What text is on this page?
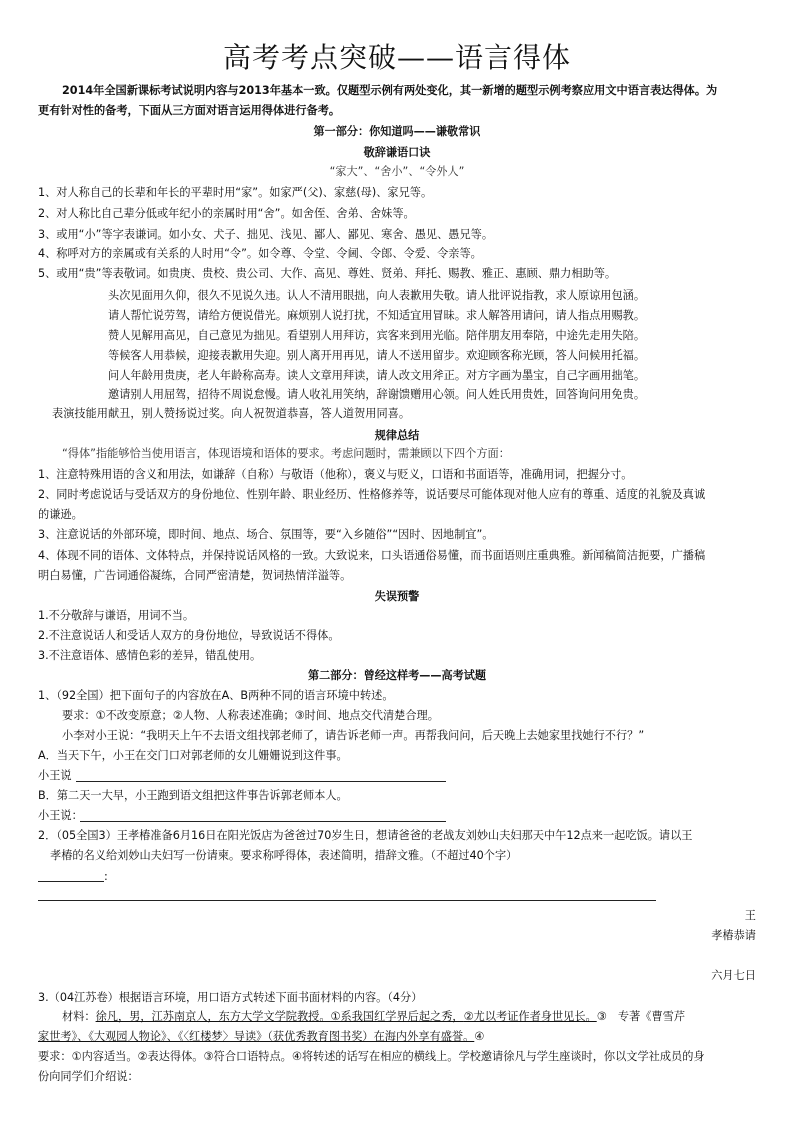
高考考点突破——语言得体
2014年全国新课标考试说明内容与2013年基本一致。仅题型示例有两处变化，其一新增的题型示例考察应用文中语言表达得体。为
更有针对性的备考，下面从三方面对语言运用得体进行备考。
第一部分：你知道吗——谦敬常识
敬辞谦语口诀
“家大”、“舍小”、“令外人”
1、对人称自己的长辈和年长的平辈时用“家”。如家严(父)、家慈(母)、家兄等。
2、对人称比自己辈分低或年纪小的亲属时用“舍”。如舍侄、舍弟、舍妹等。
3、或用“小”等字表谦词。如小女、犬子、拙见、浅见、鄙人、鄙见、寒舍、愚见、愚兄等。
4、称呼对方的亲属或有关系的人时用“令”。如令尊、令堂、令阃、令郎、令爱、令亲等。
5、或用“贵”等表敬词。如贵庚、贵校、贵公司、大作、高见、尊姓、贤弟、拜托、赐教、雅正、惠顾、鼎力相助等。
头次见面用久仰，很久不见说久违。认人不清用眼拙，向人表歉用失敬。请人批评说指教，求人原谅用包涵。
请人帮忙说劳驾，请给方便说借光。麻烦别人说打扰，不知适宜用冒昧。求人解答用请问，请人指点用赐教。
赞人见解用高见，自己意见为拙见。看望别人用拜访，宾客来到用光临。陪伴朋友用奉陪，中途先走用失陪。
等候客人用恭候，迎接表歉用失迎。别人离开用再见，请人不送用留步。欢迎顾客称光顾，答人问候用托福。
问人年龄用贵庚，老人年龄称高寿。读人文章用拜读，请人改文用斧正。对方字画为墨宝，自己字画用拙笔。
邀请别人用屈驾，招待不周说怠慢。请人收礼用笑纳，辞谢馈赠用心领。问人姓氏用贵姓，回答询问用免贵。
表演技能用献丑，别人赞扬说过奖。向人祝贺道恭喜，答人道贺用同喜。
规律总结
“得体”指能够恰当使用语言，体现语境和语体的要求。考虑问题时，需兼顾以下四个方面：
1、注意特殊用语的含义和用法，如谦辞（自称）与敬语（他称），褒义与贬义，口语和书面语等，准确用词，把握分寸。
2、同时考虑说话与受话双方的身份地位、性别年龄、职业经历、性格修养等，说话要尽可能体现对他人应有的尊重、适度的礼貌及真诚
的谦逊。
3、注意说话的外部环境，即时间、地点、场合、氛围等，要“入乡随俗”“因时、因地制宜”。
4、体现不同的语体、文体特点，并保持说话风格的一致。大致说来，口头语通俗易懂，而书面语则庄重典雅。新闻稿简洁扼要，广播稿
明白易懂，广告词通俗凝练，合同严密清楚，贺词热情洋溢等。
失误预警
1.不分敬辞与谦语，用词不当。
2.不注意说话人和受话人双方的身份地位，导致说话不得体。
3.不注意语体、感情色彩的差异，错乱使用。
第二部分：曾经这样考——高考试题
1、（92全国）把下面句子的内容放在A、B两种不同的语言环境中转述。
要求：①不改变原意；②人物、人称表述准确；③时间、地点交代清楚合理。
小李对小王说：“我明天上午不去语文组找郭老师了，请告诉老师一声。再帮我问问，后天晚上去她家里找她行不行？”
A．当天下午，小王在交门口对郭老师的女儿姗姗说到这件事。
小王说
B．第二天一大早，小王跑到语文组把这件事告诉郭老师本人。
小王说：
2．（05全国3）王孝椿准备6月16日在阳光饭店为爸爸过70岁生日，想请爸爸的老战友刘妙山夫妇那天中午12点来一起吃饭。请以王
孝椿的名义给刘妙山夫妇写一份请柬。要求称呼得体，表述简明，措辞文雅。（不超过40个字）
:
王
孝椿恭请
六月七日
3.（04江苏卷）根据语言环境，用口语方式转述下面书面材料的内容。（4分）
材料：徐凡，男，江苏南京人，东方大学文学院教授。①系我国红学界后起之秀，②尤以考证作者身世见长。③　专著《曹雪芹
家世考》、《大观园人物论》、《〈红楼梦〉导读》（获优秀教育图书奖）在海内外享有盛誉。④
要求：①内容适当。②表达得体。③符合口语特点。④将转述的话写在相应的横线上。学校邀请徐凡与学生座谈时，你以文学社成员的身
份向同学们介绍说：
